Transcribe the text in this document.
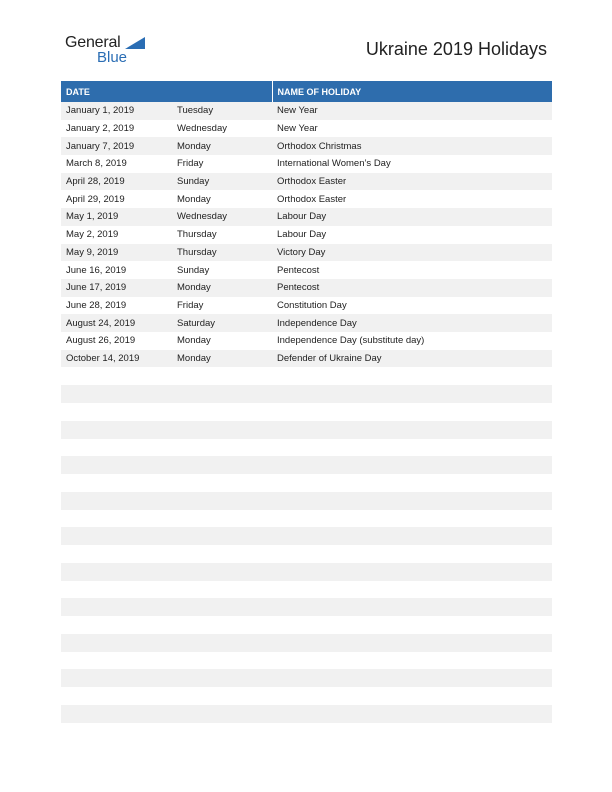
General
Blue	Ukraine 2019 Holidays
DATE		NAME OF HOLIDAY
January 1, 2019	Tuesday	New Year
January 2, 2019	Wednesday	New Year
January 7, 2019	Monday	Orthodox Christmas
March 8, 2019	Friday	International Women’s Day
April 28, 2019	Sunday	Orthodox Easter
April 29, 2019	Monday	Orthodox Easter
May 1, 2019	Wednesday	Labour Day
May 2, 2019	Thursday	Labour Day
May 9, 2019	Thursday	Victory Day
June 16, 2019	Sunday	Pentecost
June 17, 2019	Monday	Pentecost
June 28, 2019	Friday	Constitution Day
August 24, 2019	Saturday	Independence Day
August 26, 2019	Monday	Independence Day (substitute day)
October 14, 2019	Monday	Defender of Ukraine Day
